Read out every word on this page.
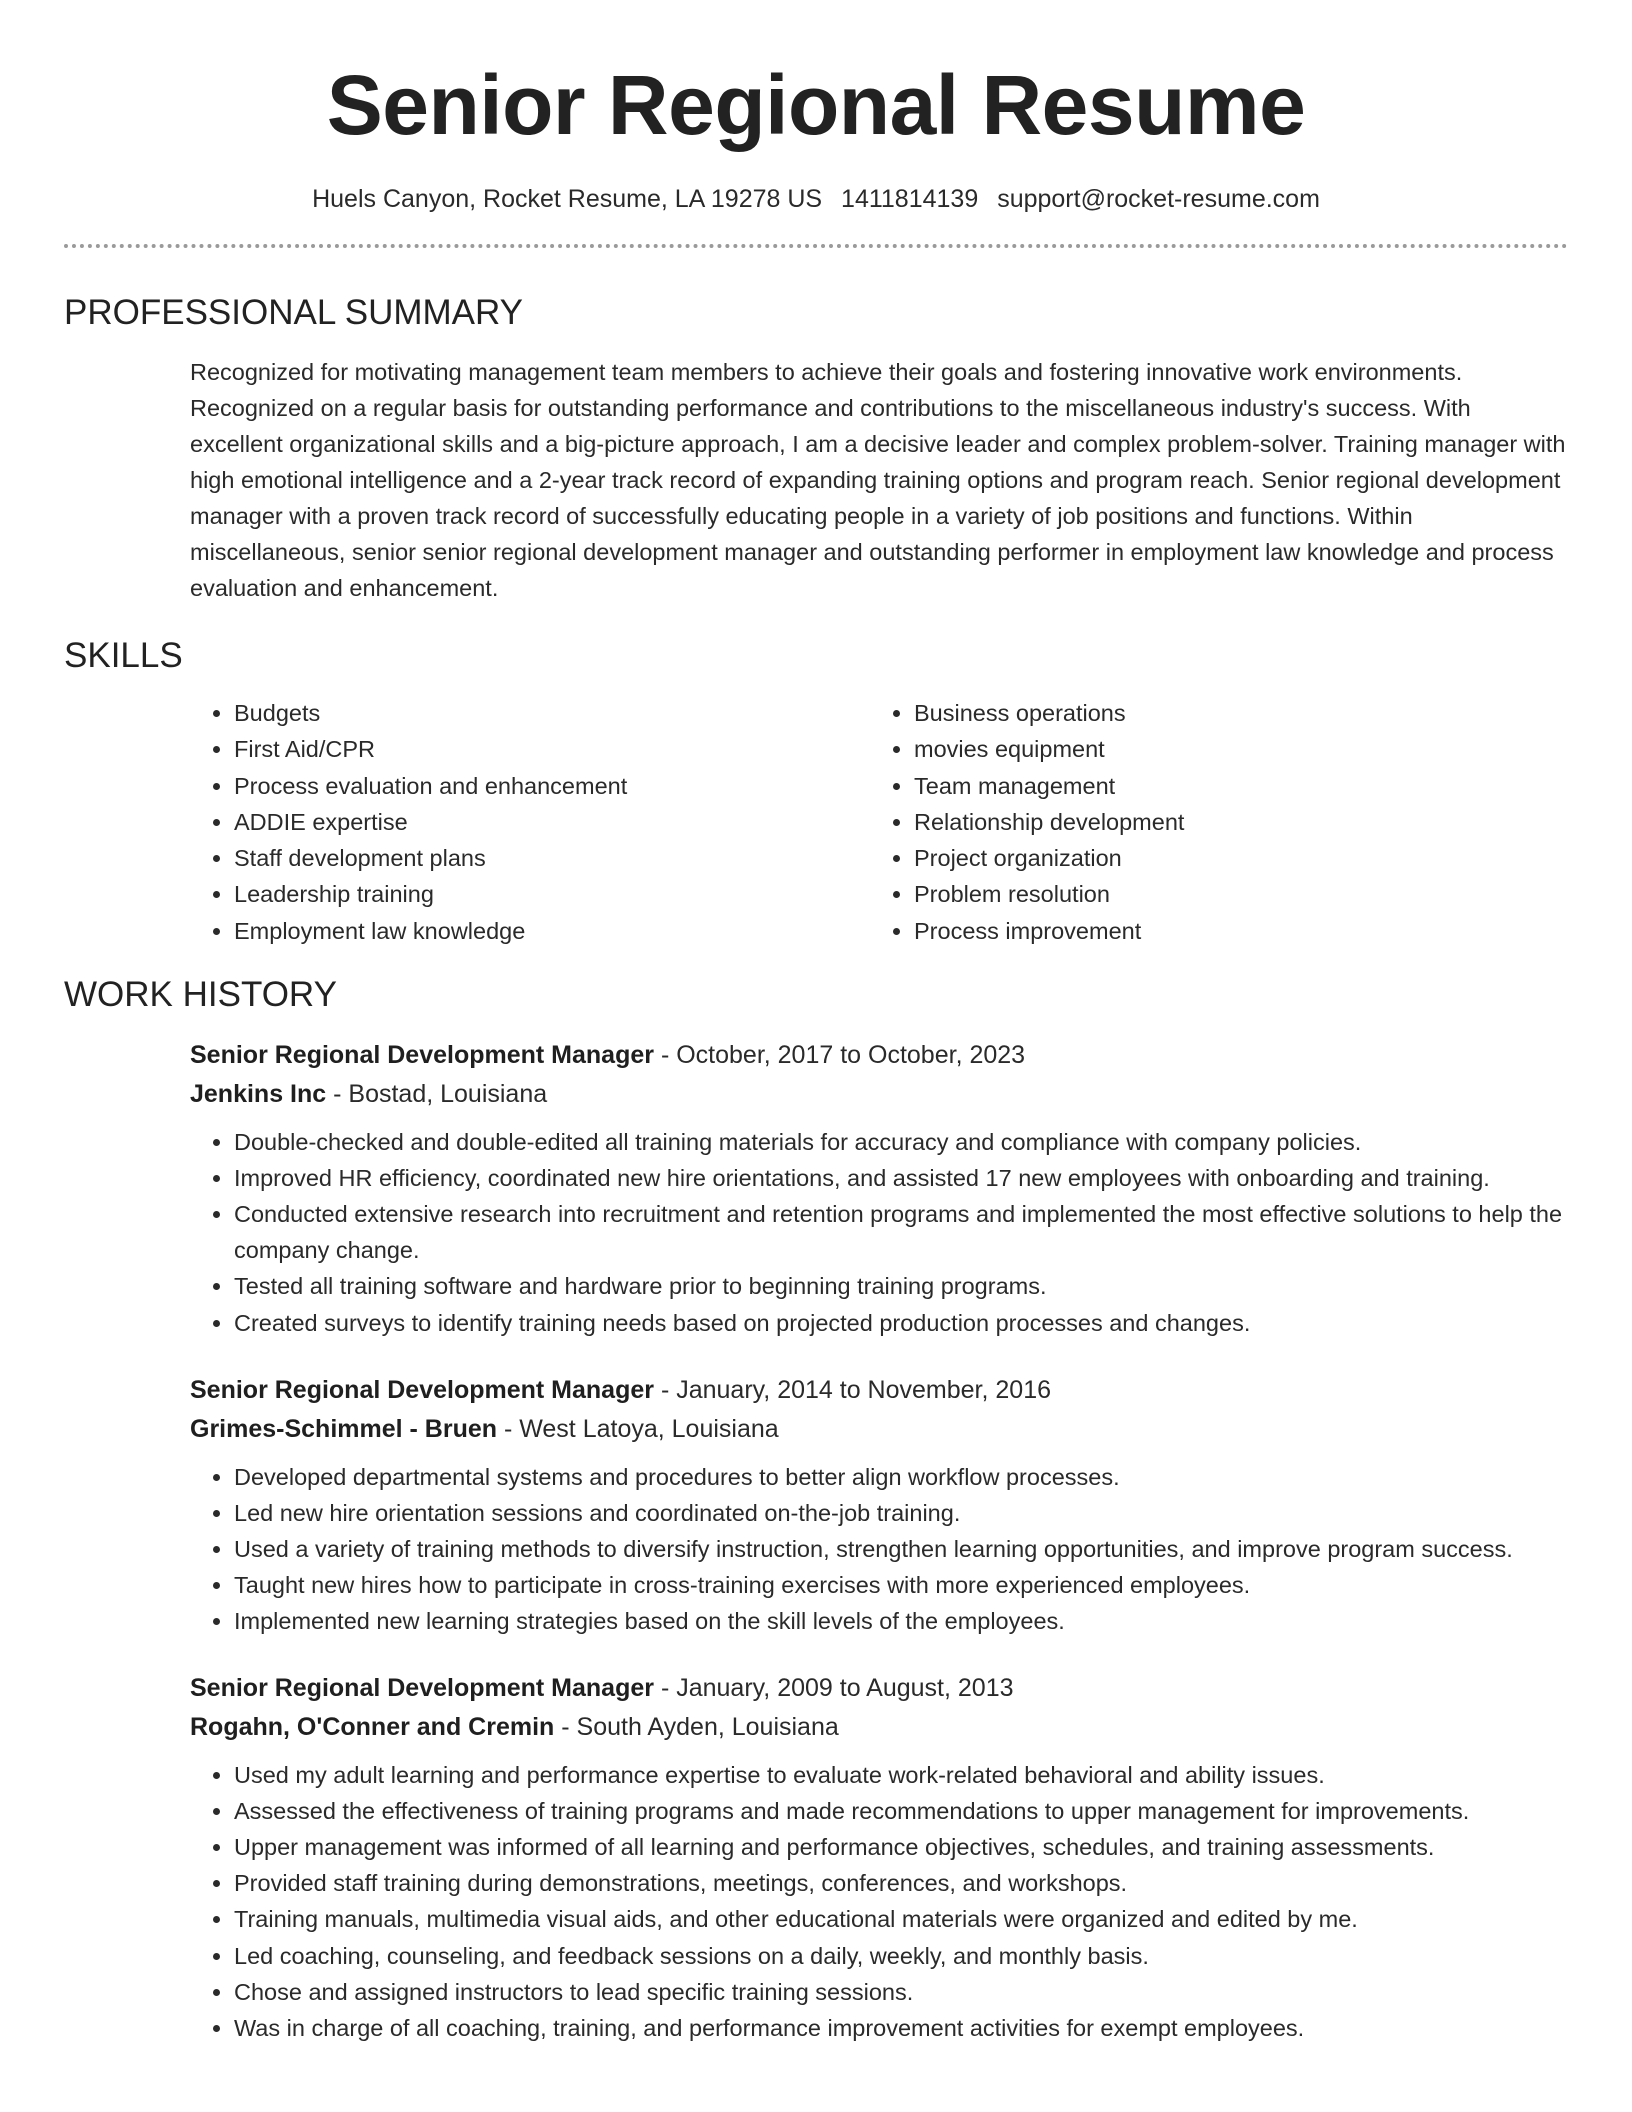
Senior Regional Resume
Huels Canyon, Rocket Resume, LA 19278 US 1411814139 support@rocket-resume.com
PROFESSIONAL SUMMARY

Recognized for motivating management team members to achieve their goals and fostering innovative work environments. Recognized on a regular basis for outstanding performance and contributions to the miscellaneous industry's success. With excellent organizational skills and a big-picture approach, I am a decisive leader and complex problem-solver. Training manager with high emotional intelligence and a 2-year track record of expanding training options and program reach. Senior regional development manager with a proven track record of successfully educating people in a variety of job positions and functions. Within miscellaneous, senior senior regional development manager and outstanding performer in employment law knowledge and process evaluation and enhancement.

SKILLS
• Budgets
• First Aid/CPR
• Process evaluation and enhancement
• ADDIE expertise
• Staff development plans
• Leadership training
• Employment law knowledge
• Business operations
• movies equipment
• Team management
• Relationship development
• Project organization
• Problem resolution
• Process improvement
WORK HISTORY
Senior Regional Development Manager - October, 2017 to October, 2023
Jenkins Inc - Bostad, Louisiana
• Double-checked and double-edited all training materials for accuracy and compliance with company policies.
• Improved HR efficiency, coordinated new hire orientations, and assisted 17 new employees with onboarding and training.
• Conducted extensive research into recruitment and retention programs and implemented the most effective solutions to help the company change.
• Tested all training software and hardware prior to beginning training programs.
• Created surveys to identify training needs based on projected production processes and changes.
Senior Regional Development Manager - January, 2014 to November, 2016
Grimes-Schimmel - Bruen - West Latoya, Louisiana
• Developed departmental systems and procedures to better align workflow processes.
• Led new hire orientation sessions and coordinated on-the-job training.
• Used a variety of training methods to diversify instruction, strengthen learning opportunities, and improve program success.
• Taught new hires how to participate in cross-training exercises with more experienced employees.
• Implemented new learning strategies based on the skill levels of the employees.
Senior Regional Development Manager - January, 2009 to August, 2013
Rogahn, O'Conner and Cremin - South Ayden, Louisiana
• Used my adult learning and performance expertise to evaluate work-related behavioral and ability issues.
• Assessed the effectiveness of training programs and made recommendations to upper management for improvements.
• Upper management was informed of all learning and performance objectives, schedules, and training assessments.
• Provided staff training during demonstrations, meetings, conferences, and workshops.
• Training manuals, multimedia visual aids, and other educational materials were organized and edited by me.
• Led coaching, counseling, and feedback sessions on a daily, weekly, and monthly basis.
• Chose and assigned instructors to lead specific training sessions.
• Was in charge of all coaching, training, and performance improvement activities for exempt employees.
